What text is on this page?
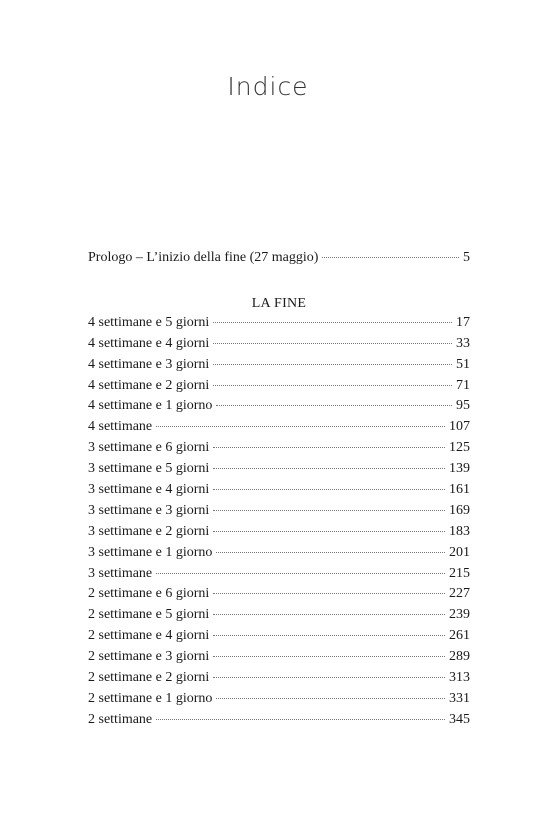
Indice
Prologo – L’inizio della fine (27 maggio)	5
LA FINE
4 settimane e 5 giorni	17
4 settimane e 4 giorni	33
4 settimane e 3 giorni	51
4 settimane e 2 giorni	71
4 settimane e 1 giorno	95
4 settimane	107
3 settimane e 6 giorni	125
3 settimane e 5 giorni	139
3 settimane e 4 giorni	161
3 settimane e 3 giorni	169
3 settimane e 2 giorni	183
3 settimane e 1 giorno	201
3 settimane	215
2 settimane e 6 giorni	227
2 settimane e 5 giorni	239
2 settimane e 4 giorni	261
2 settimane e 3 giorni	289
2 settimane e 2 giorni	313
2 settimane e 1 giorno	331
2 settimane	345
